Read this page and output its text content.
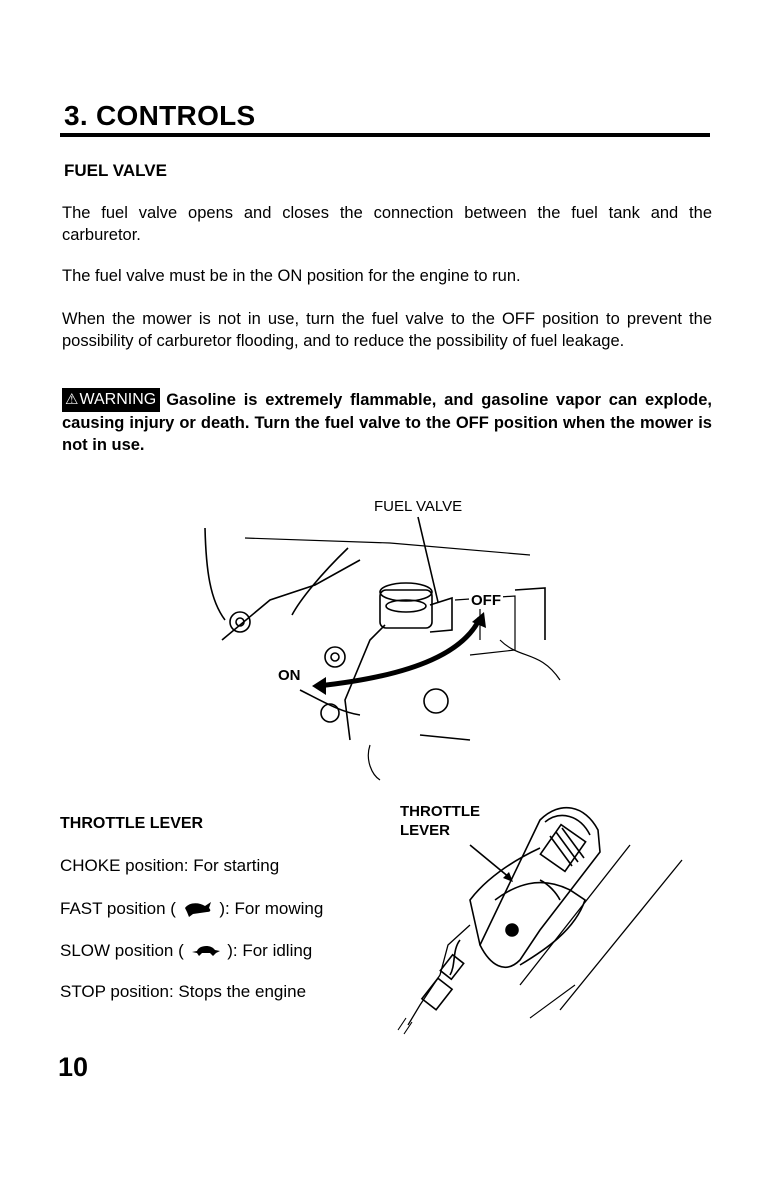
3. CONTROLS
FUEL VALVE
The fuel valve opens and closes the connection between the fuel tank and the carburetor.
The fuel valve must be in the ON position for the engine to run.
When the mower is not in use, turn the fuel valve to the OFF position to prevent the possibility of carburetor flooding, and to reduce the possibility of fuel leakage.
⚠WARNING Gasoline is extremely flammable, and gasoline vapor can explode, causing injury or death. Turn the fuel valve to the OFF position when the mower is not in use.
FUEL VALVE
OFF
ON
THROTTLE LEVER
CHOKE position: For starting
FAST position (	): For mowing
SLOW position (	): For idling
STOP position: Stops the engine
THROTTLE
LEVER
10
